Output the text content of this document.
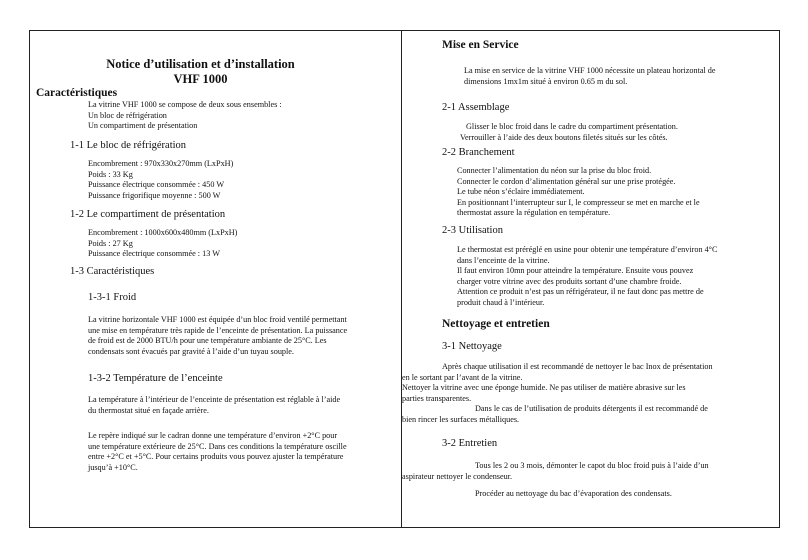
Notice d’utilisation et d’installation
VHF 1000
Caractéristiques
La vitrine VHF 1000 se compose de deux sous ensembles :
Un bloc de réfrigération
Un compartiment de présentation
1-1 Le bloc de réfrigération
Encombrement : 970x330x270mm (LxPxH)
Poids : 33 Kg
Puissance électrique consommée : 450 W
Puissance frigorifique moyenne : 500 W
1-2 Le compartiment de présentation
Encombrement : 1000x600x480mm (LxPxH)
Poids : 27 Kg
Puissance électrique consommée : 13 W
1-3 Caractéristiques
1-3-1 Froid
La vitrine horizontale VHF 1000 est équipée d’un bloc froid ventilé permettant
une mise en température très rapide de l’enceinte de présentation. La puissance
de froid est de 2000 BTU/h pour une température ambiante de 25°C. Les
condensats sont évacués par gravité à l’aide d’un tuyau souple.
1-3-2 Température de l’enceinte
La température à l’intérieur de l’enceinte de présentation est réglable à l’aide
du thermostat situé en façade arrière.
Le repère indiqué sur le cadran donne une température d’environ +2°C pour
une température extérieure de 25°C. Dans ces conditions la température oscille
entre +2°C et +5°C. Pour certains produits vous pouvez ajuster la température
jusqu’à +10°C.
Mise en Service
La mise en service de la vitrine VHF 1000 nécessite un plateau horizontal de
dimensions 1mx1m situé à environ 0.65 m du sol.
2-1 Assemblage
Glisser le bloc froid dans le cadre du compartiment présentation.
Verrouiller à l’aide des deux boutons filetés situés sur les côtés.
2-2 Branchement
Connecter l’alimentation du néon sur la prise du bloc froid.
Connecter le cordon d’alimentation général sur une prise protégée.
Le tube néon s’éclaire immédiatement.
En positionnant l’interrupteur sur I, le compresseur se met en marche et le
thermostat assure la régulation en température.
2-3 Utilisation
Le thermostat est préréglé en usine pour obtenir une température d’environ 4°C
dans l’enceinte de la vitrine.
Il faut environ 10mn pour atteindre la température. Ensuite vous pouvez
charger votre vitrine avec des produits sortant d’une chambre froide.
Attention ce produit n’est pas un réfrigérateur, il ne faut donc pas mettre de
produit chaud à l’intérieur.
Nettoyage et entretien
3-1 Nettoyage
Après chaque utilisation il est recommandé de nettoyer le bac Inox de présentation
en le sortant par l’avant de la vitrine.
Nettoyer la vitrine avec une éponge humide. Ne pas utiliser de matière abrasive sur les
parties transparentes.
Dans le cas de l’utilisation de produits détergents il est recommandé de
bien rincer les surfaces métalliques.
3-2 Entretien
Tous les 2 ou 3 mois, démonter le capot du bloc froid puis à l’aide d’un
aspirateur nettoyer le condenseur.
Procéder au nettoyage du bac d’évaporation des condensats.
